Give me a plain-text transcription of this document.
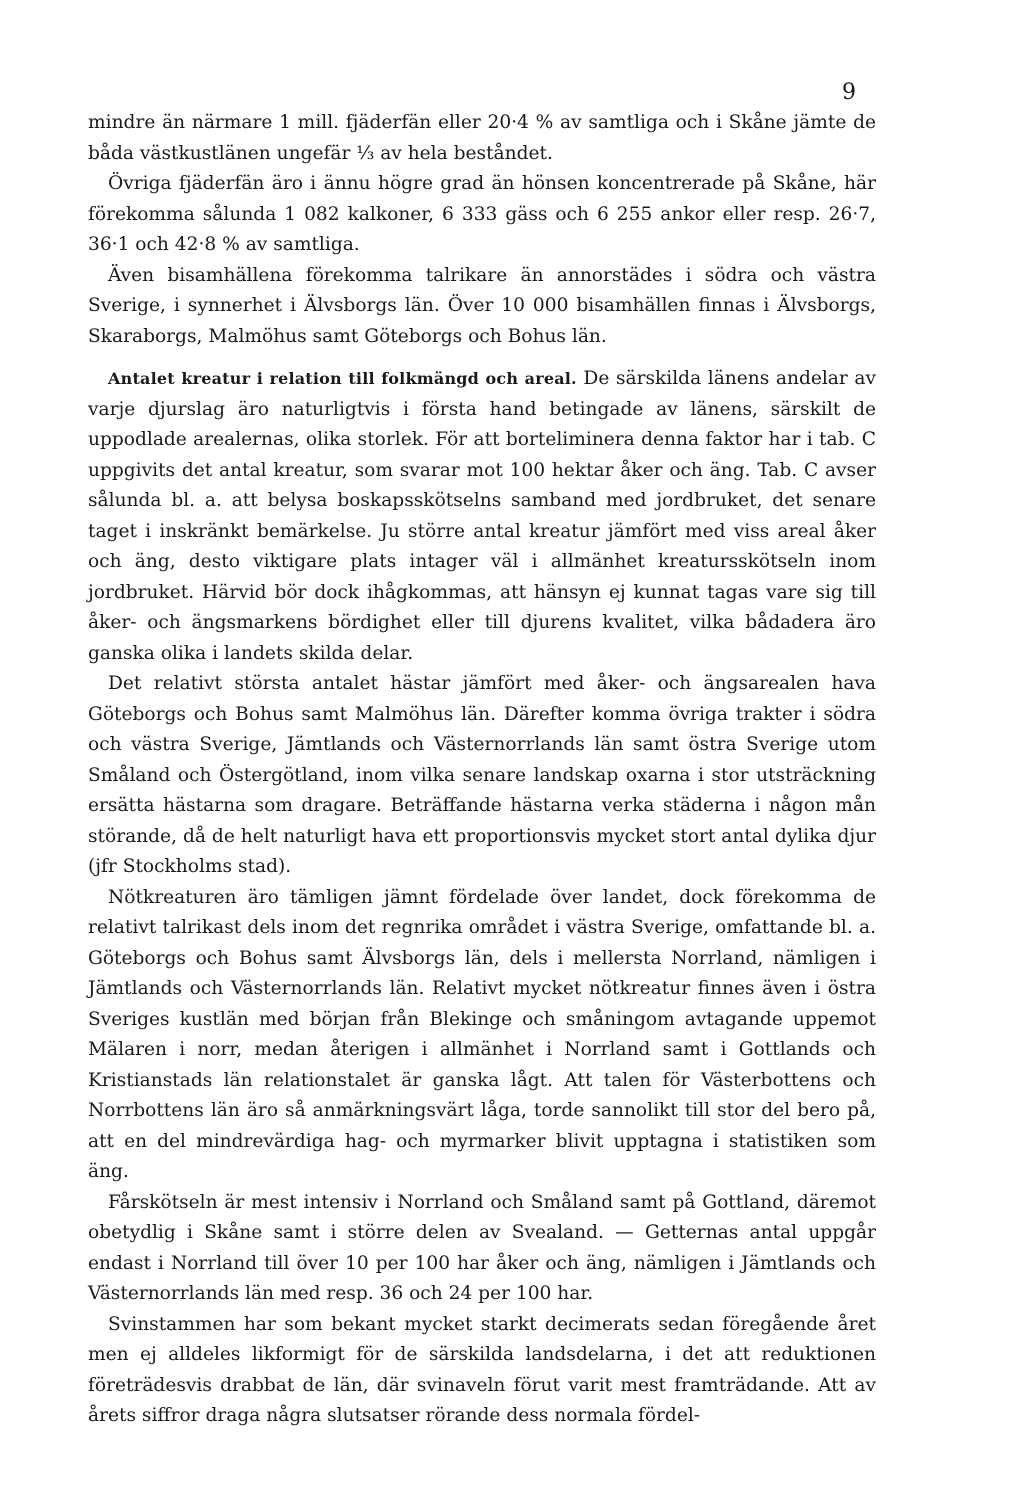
9

mindre än närmare 1 mill. fjäderfän eller 20·4 % av samtliga och i Skåne jämte de båda västkustlänen ungefär ⅓ av hela beståndet.

Övriga fjäderfän äro i ännu högre grad än hönsen koncentrerade på Skåne, här förekomma sålunda 1 082 kalkoner, 6 333 gäss och 6 255 ankor eller resp. 26·7, 36·1 och 42·8 % av samtliga.

Även bisamhällena förekomma talrikare än annorstädes i södra och västra Sverige, i synnerhet i Älvsborgs län. Över 10 000 bisamhällen finnas i Älvsborgs, Skaraborgs, Malmöhus samt Göteborgs och Bohus län.

Antalet kreatur i relation till folkmängd och areal. De särskilda länens andelar av varje djurslag äro naturligtvis i första hand betingade av länens, särskilt de uppodlade arealernas, olika storlek. För att borteliminera denna faktor har i tab. C uppgivits det antal kreatur, som svarar mot 100 hektar åker och äng. Tab. C avser sålunda bl. a. att belysa boskapsskötselns samband med jordbruket, det senare taget i inskränkt bemärkelse. Ju större antal kreatur jämfört med viss areal åker och äng, desto viktigare plats intager väl i allmänhet kreatursskötseln inom jordbruket. Härvid bör dock ihågkommas, att hänsyn ej kunnat tagas vare sig till åker- och ängsmarkens bördighet eller till djurens kvalitet, vilka bådadera äro ganska olika i landets skilda delar.

Det relativt största antalet hästar jämfört med åker- och ängsarealen hava Göteborgs och Bohus samt Malmöhus län. Därefter komma övriga trakter i södra och västra Sverige, Jämtlands och Västernorrlands län samt östra Sverige utom Småland och Östergötland, inom vilka senare landskap oxarna i stor utsträckning ersätta hästarna som dragare. Beträffande hästarna verka städerna i någon mån störande, då de helt naturligt hava ett proportionsvis mycket stort antal dylika djur (jfr Stockholms stad).

Nötkreaturen äro tämligen jämnt fördelade över landet, dock förekomma de relativt talrikast dels inom det regnrika området i västra Sverige, omfattande bl. a. Göteborgs och Bohus samt Älvsborgs län, dels i mellersta Norrland, nämligen i Jämtlands och Västernorrlands län. Relativt mycket nötkreatur finnes även i östra Sveriges kustlän med början från Blekinge och småningom avtagande uppemot Mälaren i norr, medan återigen i allmänhet i Norrland samt i Gottlands och Kristianstads län relationstalet är ganska lågt. Att talen för Västerbottens och Norrbottens län äro så anmärkningsvärt låga, torde sannolikt till stor del bero på, att en del mindrevärdiga hag- och myrmarker blivit upptagna i statistiken som äng.

Fårskötseln är mest intensiv i Norrland och Småland samt på Gottland, däremot obetydlig i Skåne samt i större delen av Svealand. — Getternas antal uppgår endast i Norrland till över 10 per 100 har åker och äng, nämligen i Jämtlands och Västernorrlands län med resp. 36 och 24 per 100 har.

Svinstammen har som bekant mycket starkt decimerats sedan föregående året men ej alldeles likformigt för de särskilda landsdelarna, i det att reduktionen företrädesvis drabbat de län, där svinaveln förut varit mest framträdande. Att av årets siffror draga några slutsatser rörande dess normala fördel-
